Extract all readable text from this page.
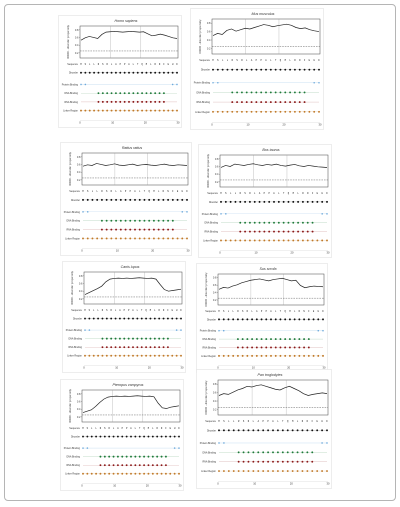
Homo sapiens
0.8
0.6
0.4
0.2
IDR/D - disorder propensity
Sequence M S L L R S R L A P P A L T Q M L R N F E H D
Disorder
Protein Binding
DNA Binding
RNA Binding
Linker Region
0	10	20	30
Mus musculus
0.8
0.6
0.4
0.2
IDR/D - disorder propensity
Sequence M S L L R S R L A P P A L T Q M L R N F E H D
Disorder
Protein Binding
DNA Binding
RNA Binding
Linker Region
0	10	20	30
Rattus rattus
0.8
0.6
0.4
0.2
IDR/D - disorder propensity
Sequence M S L L R S R L A P P A L T Q M L R N F E H D
Disorder
Protein Binding
DNA Binding
RNA Binding
Linker Region
0	10	20	30
Bos taurus
0.8
0.6
0.4
0.2
IDR/D - disorder propensity
Sequence M S L L R S R L A P P A L T Q M L R N F E H D
Disorder
Protein Binding
DNA Binding
RNA Binding
Linker Region
0	10	20	30
Canis lupus
0.8
0.6
0.4
0.2
IDR/D - disorder propensity
Sequence M S L L R S R L A P P A L T Q M L R N F E H D
Disorder
Protein Binding
DNA Binding
RNA Binding
Linker Region
0	10	20	30
Sus scrofa
0.8
0.6
0.4
0.2
IDR/D - disorder propensity
Sequence M S L L R S R L A P P A L T Q M L R N F E H D
Disorder
Protein Binding
DNA Binding
RNA Binding
Linker Region
0	10	20	30
Pteropus vampyrus
0.8
0.6
0.4
0.2
IDR/D - disorder propensity
Sequence M S L L R S R L A P P A L T Q M L R N F E H D
Disorder
Protein Binding
DNA Binding
RNA Binding
Linker Region
0	10	20	30
Pan troglodytes
0.8
0.6
0.4
0.2
IDR/D - disorder propensity
Sequence M S L L R S R L A P P A L T Q M L R N F E H D
Disorder
Protein Binding
DNA Binding
RNA Binding
Linker Region
0	10	20	30
